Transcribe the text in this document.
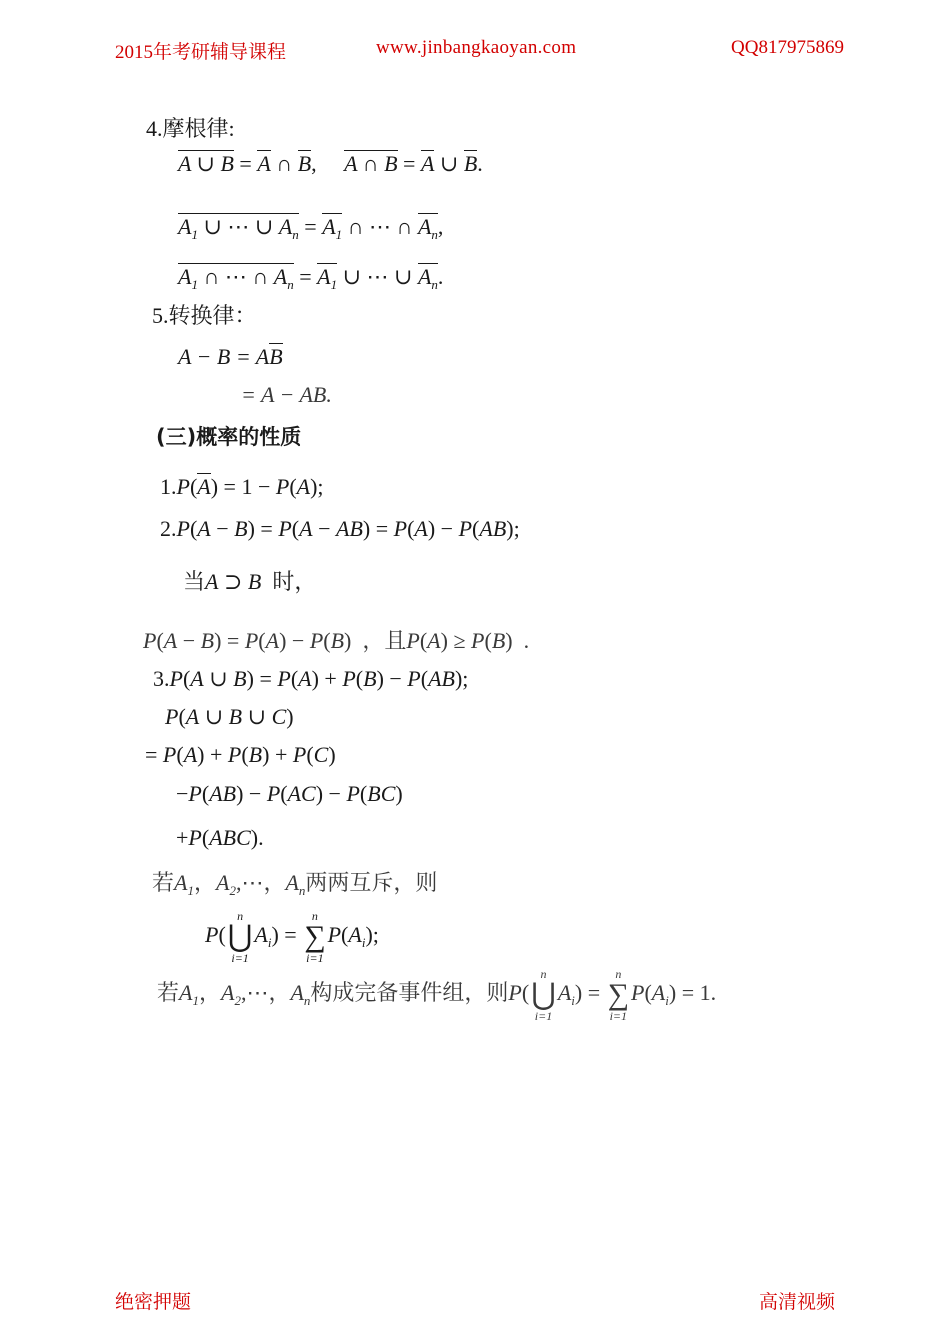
2015年考研辅导课程	www.jinbangkaoyan.com	QQ817975869
4.摩根律:
A ∪ B = A ∩ B,     A ∩ B = A ∪ B.
$A_1$ ∪ ⋯ ∪ $A_n = A_1$ ∩ ⋯ ∩ $A_n$,
$A_1$ ∩ ⋯ ∩ $A_n = A_1$ ∪ ⋯ ∪ $A_n$.
5.转换律：
A − B = AB
= A − AB.
(三)概率的性质
1.P(A) = 1 − P(A);
2.P(A − B) = P(A − AB) = P(A) − P(AB);
当A ⊃ B 时，
P(A − B) = P(A) − P(B)  ，且P(A) ≥ P(B)  .
3.P(A ∪ B) = P(A) + P(B) − P(AB);
P(A ∪ B ∪ C)
= P(A) + P(B) + P(C)
−P(AB) − P(AC) − P(BC)
+P(ABC).
若$A_1$，$A_2,\cdots$，$A_n$两两互斥，则
P(
n
⋃
i=1
$A_i$) =
n
∑
i=1
$P(A_i)$;
若$A_1$，$A_2,\cdots$，$A_n$构成完备事件组，则P(
n
⋃
i=1
$A_i$) =
n
∑
i=1
$P(A_i) = 1$.
绝密押题	高清视频
